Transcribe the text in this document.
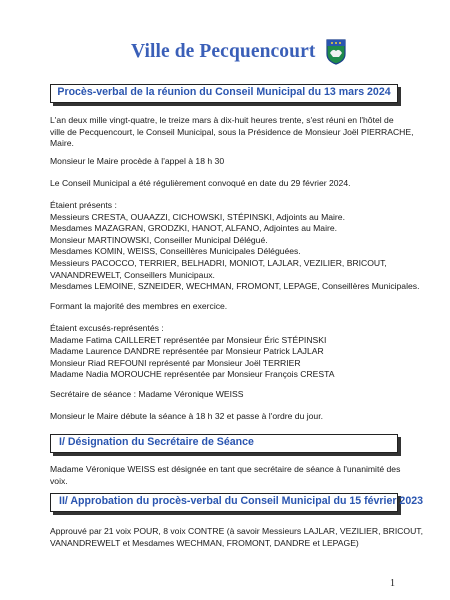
Ville de Pecquencourt
Procès-verbal de la réunion du Conseil Municipal du 13 mars 2024
L'an deux mille vingt-quatre, le treize mars à dix-huit heures trente, s'est réuni en l'hôtel de
ville de Pecquencourt, le Conseil Municipal, sous la Présidence de Monsieur Joël PIERRACHE,
Maire.
Monsieur le Maire procède à l'appel à 18 h 30
Le Conseil Municipal a été régulièrement convoqué en date du 29 février 2024.
Étaient présents :
Messieurs CRESTA, OUAAZZI, CICHOWSKI, STÉPINSKI, Adjoints au Maire.
Mesdames MAZAGRAN, GRODZKI, HANOT, ALFANO, Adjointes au Maire.
Monsieur MARTINOWSKI, Conseiller Municipal Délégué.
Mesdames KOMIN, WEISS, Conseillères Municipales Déléguées.
Messieurs PACOCCO, TERRIER, BELHADRI, MONIOT, LAJLAR, VEZILIER, BRICOUT,
VANANDREWELT, Conseillers Municipaux.
Mesdames LEMOINE, SZNEIDER, WECHMAN, FROMONT, LEPAGE, Conseillères Municipales.
Formant la majorité des membres en exercice.
Étaient excusés-représentés :
Madame Fatima CAILLERET représentée par Monsieur Éric STÉPINSKI
Madame Laurence DANDRE représentée par Monsieur Patrick LAJLAR
Monsieur Riad REFOUNI représenté par Monsieur Joël TERRIER
Madame Nadia MOROUCHE représentée par Monsieur François CRESTA
Secrétaire de séance : Madame Véronique WEISS
Monsieur le Maire débute la séance à 18 h 32 et passe à l'ordre du jour.
I/ Désignation du Secrétaire de Séance
Madame Véronique WEISS est désignée en tant que secrétaire de séance à l'unanimité des
voix.
II/ Approbation du procès-verbal du Conseil Municipal du 15 février 2023
Approuvé par 21 voix POUR, 8 voix CONTRE (à savoir Messieurs LAJLAR, VEZILIER, BRICOUT,
VANANDREWELT et Mesdames WECHMAN, FROMONT, DANDRE et LEPAGE)
1
